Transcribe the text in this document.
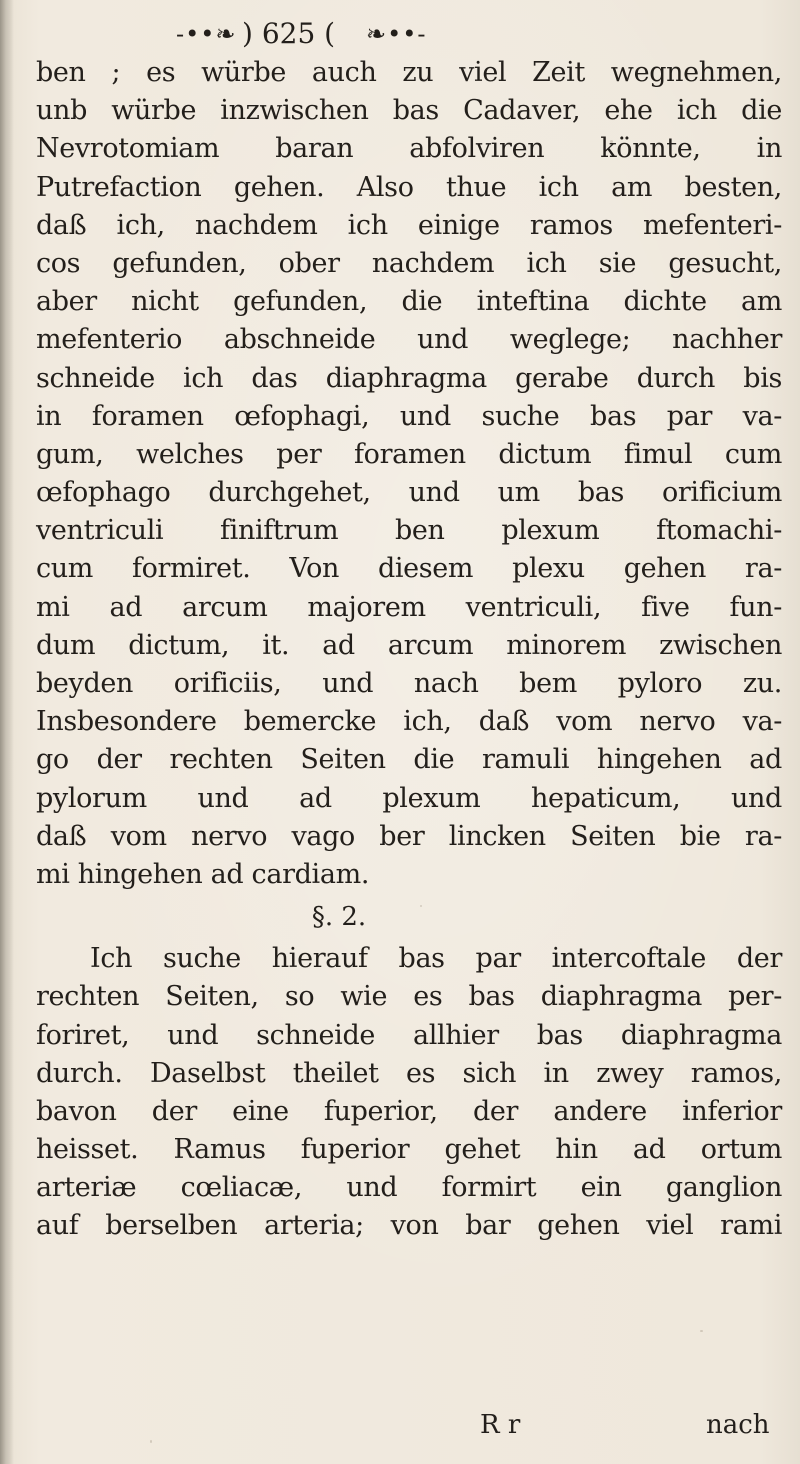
-••❧ ) 625 ( ❧••-
ben ; es würbe auch zu viel Zeit wegnehmen,
unb würbe inzwischen bas Cadaver, ehe ich die
Nevrotomiam baran abfolviren könnte, in
Putrefaction gehen. Also thue ich am besten,
daß ich, nachdem ich einige ramos mefenteri-
cos gefunden, ober nachdem ich sie gesucht,
aber nicht gefunden, die inteftina dichte am
mefenterio abschneide und weglege; nachher
schneide ich das diaphragma gerabe durch bis
in foramen œfophagi, und suche bas par va-
gum, welches per foramen dictum fimul cum
œfophago durchgehet, und um bas orificium
ventriculi finiftrum ben plexum ftomachi-
cum formiret. Von diesem plexu gehen ra-
mi ad arcum majorem ventriculi, five fun-
dum dictum, it. ad arcum minorem zwischen
beyden orificiis, und nach bem pyloro zu.
Insbesondere bemercke ich, daß vom nervo va-
go der rechten Seiten die ramuli hingehen ad
pylorum und ad plexum hepaticum, und
daß vom nervo vago ber lincken Seiten bie ra-
mi hingehen ad cardiam.
§. 2.
Ich suche hierauf bas par intercoftale der
rechten Seiten, so wie es bas diaphragma per-
foriret, und schneide allhier bas diaphragma
durch. Daselbst theilet es sich in zwey ramos,
bavon der eine fuperior, der andere inferior
heisset. Ramus fuperior gehet hin ad ortum
arteriæ cœliacæ, und formirt ein ganglion
auf berselben arteria; von bar gehen viel rami
R r	nach
